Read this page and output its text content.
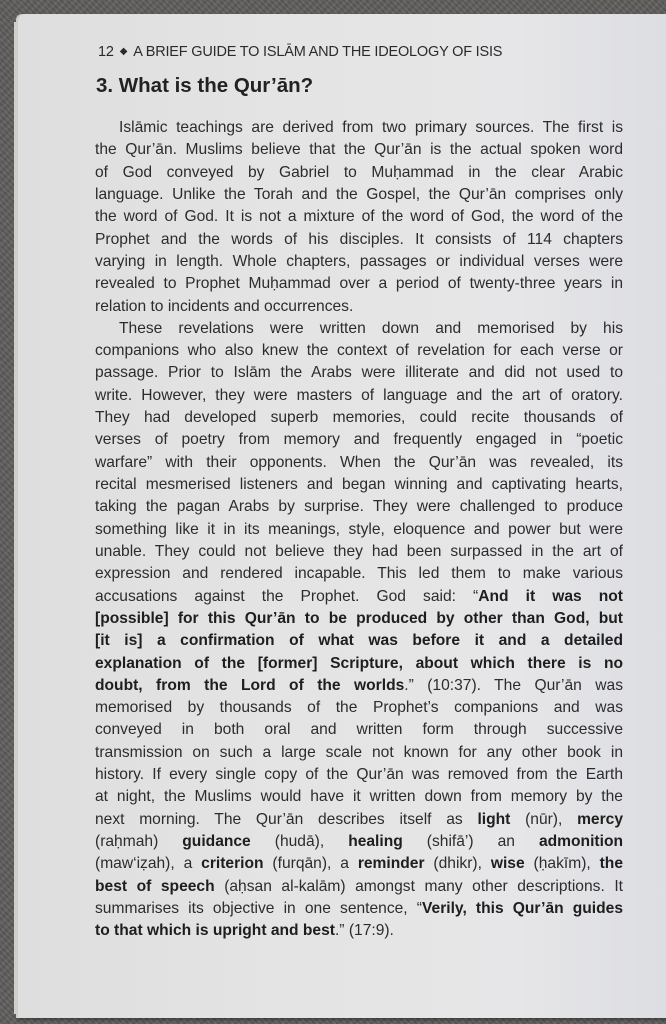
12 ◆ A BRIEF GUIDE TO ISLĀM AND THE IDEOLOGY OF ISIS
3. What is the Qur’ān?
Islāmic teachings are derived from two primary sources. The first is
the Qur’ān. Muslims believe that the Qur’ān is the actual spoken word
of God conveyed by Gabriel to Muḥammad in the clear Arabic
language. Unlike the Torah and the Gospel, the Qur’ān comprises only
the word of God. It is not a mixture of the word of God, the word of the
Prophet and the words of his disciples. It consists of 114 chapters
varying in length. Whole chapters, passages or individual verses were
revealed to Prophet Muḥammad over a period of twenty-three years in
relation to incidents and occurrences.
These revelations were written down and memorised by his
companions who also knew the context of revelation for each verse or
passage. Prior to Islām the Arabs were illiterate and did not used to
write. However, they were masters of language and the art of oratory.
They had developed superb memories, could recite thousands of
verses of poetry from memory and frequently engaged in “poetic
warfare” with their opponents. When the Qur’ān was revealed, its
recital mesmerised listeners and began winning and captivating hearts,
taking the pagan Arabs by surprise. They were challenged to produce
something like it in its meanings, style, eloquence and power but were
unable. They could not believe they had been surpassed in the art of
expression and rendered incapable. This led them to make various
accusations against the Prophet. God said: “And it was not
[possible] for this Qur’ān to be produced by other than God, but
[it is] a confirmation of what was before it and a detailed
explanation of the [former] Scripture, about which there is no
doubt, from the Lord of the worlds.” (10:37). The Qur’ān was
memorised by thousands of the Prophet’s companions and was
conveyed in both oral and written form through successive
transmission on such a large scale not known for any other book in
history. If every single copy of the Qur’ān was removed from the Earth
at night, the Muslims would have it written down from memory by the
next morning. The Qur’ān describes itself as light (nūr), mercy
(raḥmah) guidance (hudā), healing (shifā’) an admonition
(maw‘iẓah), a criterion (furqān), a reminder (dhikr), wise (ḥakīm), the
best of speech (aḥsan al-kalām) amongst many other descriptions. It
summarises its objective in one sentence, “Verily, this Qur’ān guides
to that which is upright and best.” (17:9).
